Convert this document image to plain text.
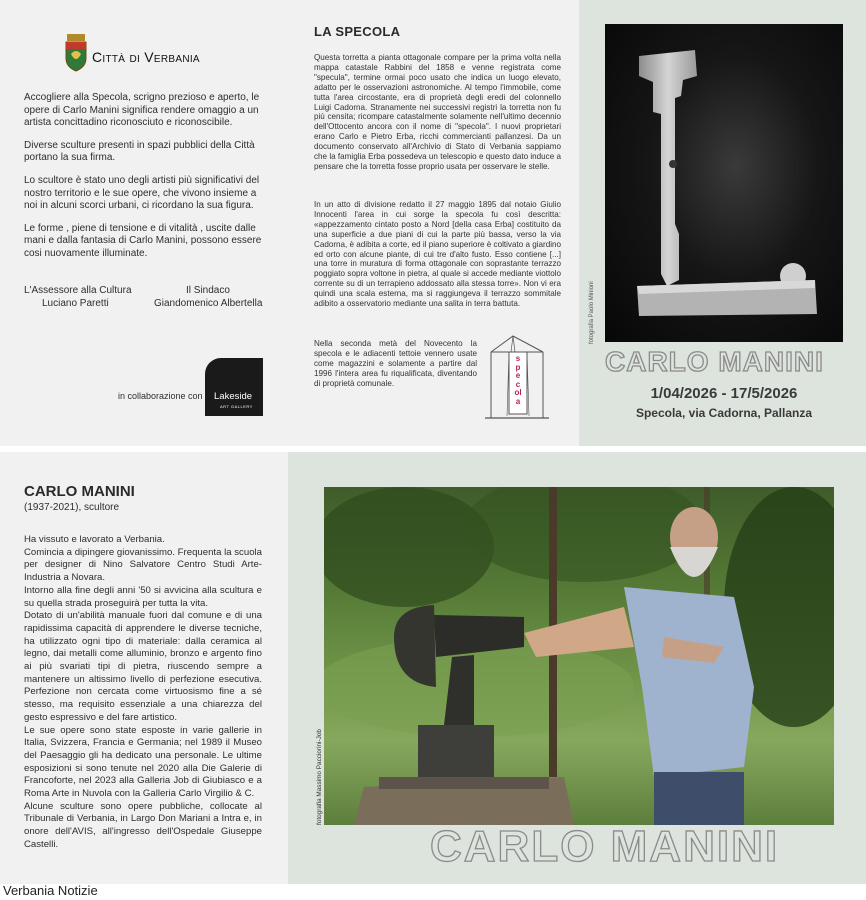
Città di Verbania

Accogliere alla Specola, scrigno prezioso e aperto, le opere di Carlo Manini significa rendere omaggio a un artista concittadino riconosciuto e riconoscibile.

Diverse sculture presenti in spazi pubblici della Città portano la sua firma.

Lo scultore è stato uno degli artisti più significativi del nostro territorio e le sue opere, che vivono insieme a noi in alcuni scorci urbani, ci ricordano la sua figura.

Le forme , piene di tensione e di vitalità , uscite dalle mani e dalla fantasia di Carlo Manini, possono essere cosi nuovamente illuminate.

L'Assessore alla Cultura
Luciano Paretti
Il Sindaco
Giandomenico Albertella
in collaborazione con Lakeside
ART GALLERY
LA SPECOLA
Questa torretta a pianta ottagonale compare per la prima volta nella mappa catastale Rabbini del 1858 e venne registrata come "specula", termine ormai poco usato che indica un luogo elevato, adatto per le osservazioni astronomiche. Al tempo l'immobile, come tutta l'area circostante, era di proprietà degli eredi del colonnello Luigi Cadorna. Stranamente nei successivi registri la torretta non fu più censita; ricompare catastalmente solamente nell'ultimo decennio dell'Ottocento ancora con il nome di "specola". I nuovi proprietari erano Carlo e Pietro Erba, ricchi commercianti pallanzesi. Da un documento conservato all'Archivio di Stato di Verbania sappiamo che la famiglia Erba possedeva un telescopio e questo dato induce a pensare che la torretta fosse proprio usata per osservare le stelle.
In un atto di divisione redatto il 27 maggio 1895 dal notaio Giulio Innocenti l'area in cui sorge la specola fu così descritta: «appezzamento cintato posto a Nord [della casa Erba] costituito da una superficie a due piani di cui la parte più bassa, verso la via Cadorna, è adibita a corte, ed il piano superiore è coltivato a giardino ed orto con alcune piante, di cui tre d'alto fusto. Esso contiene [...] una torre in muratura di forma ottagonale con soprastante terrazzo poggiato sopra voltone in pietra, al quale si accede mediante viottolo corrente su di un terrapieno addossato alla stessa torre». Non vi era quindi una scala esterna, ma si raggiungeva il terrazzo sommitale adibito a osservatorio mediante una salita in terra battuta.
Nella seconda metà del Novecento la specola e le adiacenti tettoie vennero usate come magazzini e solamente a partire dal 1996 l'intera area fu riqualificata, diventando di proprietà comunale.
specola
fotografia Paolo Minioni
CARLO MANINI
1/04/2026 - 17/5/2026
Specola, via Cadorna, Pallanza
CARLO MANINI
(1937-2021), scultore

Ha vissuto e lavorato a Verbania.

Comincia a dipingere giovanissimo. Frequenta la scuola per designer di Nino Salvatore Centro Studi Arte-Industria a Novara.

Intorno alla fine degli anni '50 si avvicina alla scultura e su quella strada proseguirà per tutta la vita.

Dotato di un'abilità manuale fuori dal comune e di una rapidissima capacità di apprendere le diverse tecniche, ha utilizzato ogni tipo di materiale: dalla ceramica al legno, dai metalli come alluminio, bronzo e argento fino ai più svariati tipi di pietra, riuscendo sempre a mantenere un altissimo livello di perfezione esecutiva. Perfezione non cercata come virtuosismo fine a sé stesso, ma requisito essenziale a una chiarezza del gesto espressivo e del fare artistico.

Le sue opere sono state esposte in varie gallerie in Italia, Svizzera, Francia e Germania; nel 1989 il Museo del Paesaggio gli ha dedicato una personale. Le ultime esposizioni si sono tenute nel 2020 alla Die Galerie di Francoforte, nel 2023 alla Galleria Job di Giubiasco e a Roma Arte in Nuvola con la Galleria Carlo Virgilio & C.

Alcune sculture sono opere pubbliche, collocate al Tribunale di Verbania, in Largo Don Mariani a Intra e, in onore dell'AVIS, all'ingresso dell'Ospedale Giuseppe Castelli.

fotografia Massimo Pacciorini-Job
CARLO MANINI
Verbania Notizie
